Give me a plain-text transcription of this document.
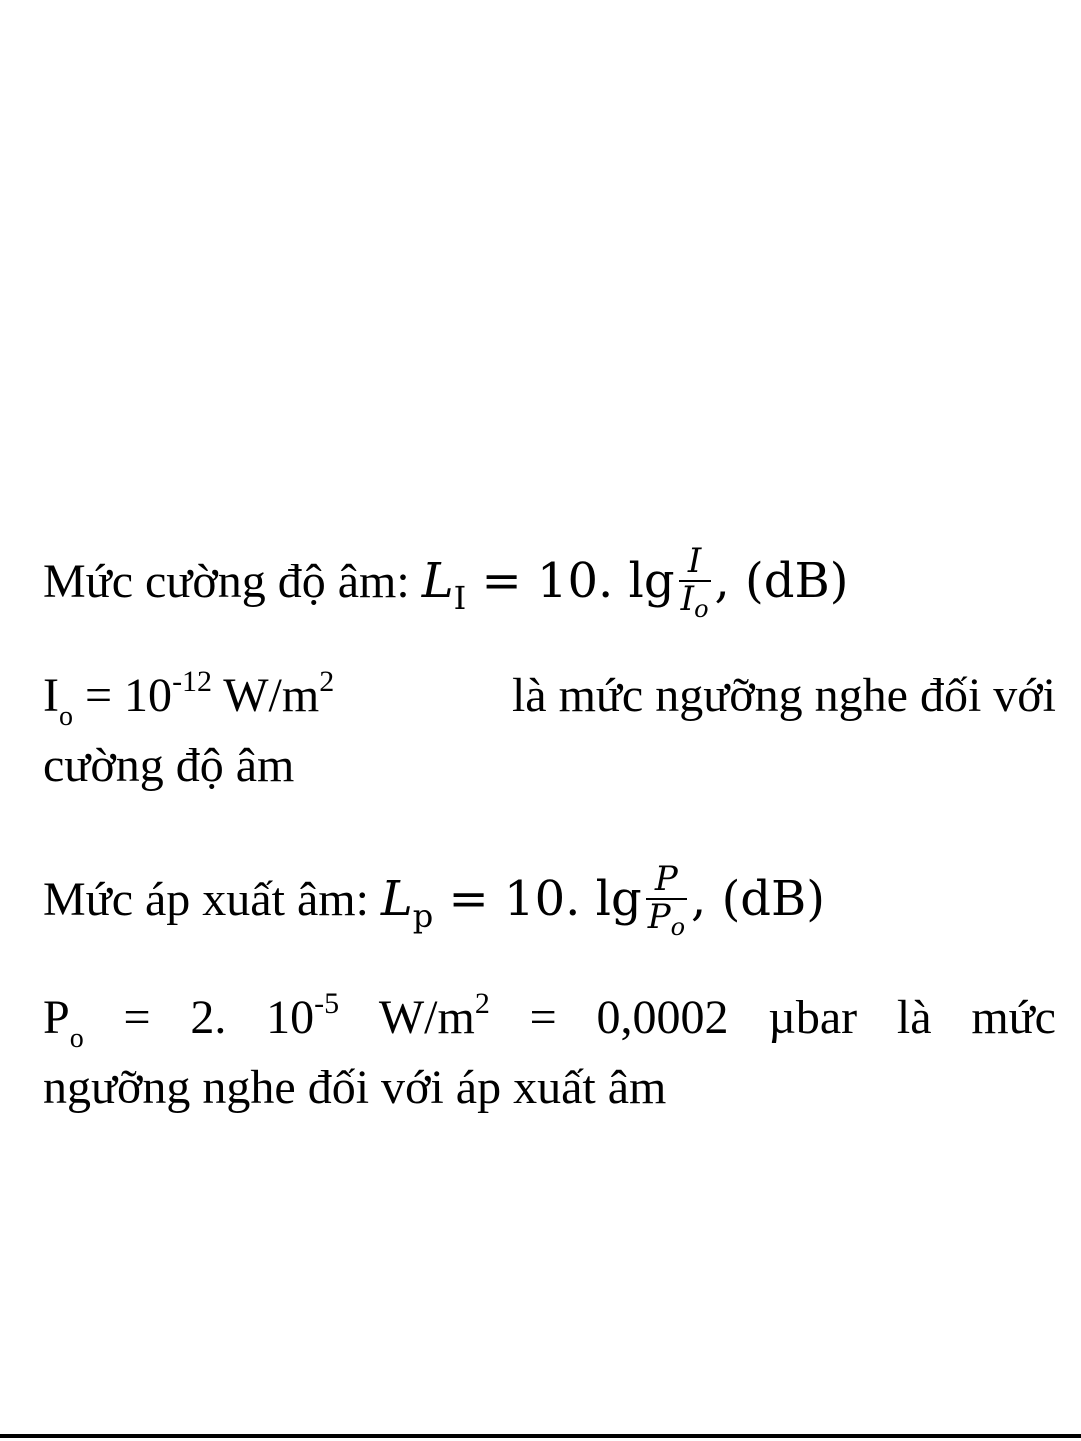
Mức cường độ âm: $L_I = 10$. $\lg \frac{I}{I_o}$ , (dB)
$I_o = 10^{-12}$ $W/m^2$	là mức ngưỡng nghe đối với
cường độ âm
Mức áp xuất âm: $L_p = 10$. $\lg \frac{P}{P_o}$ , (dB)
$P_o = 2$. $10^{-5}$ $W/m^2 = 0,0002$ µbar là mức
ngưỡng nghe đối với áp xuất âm
